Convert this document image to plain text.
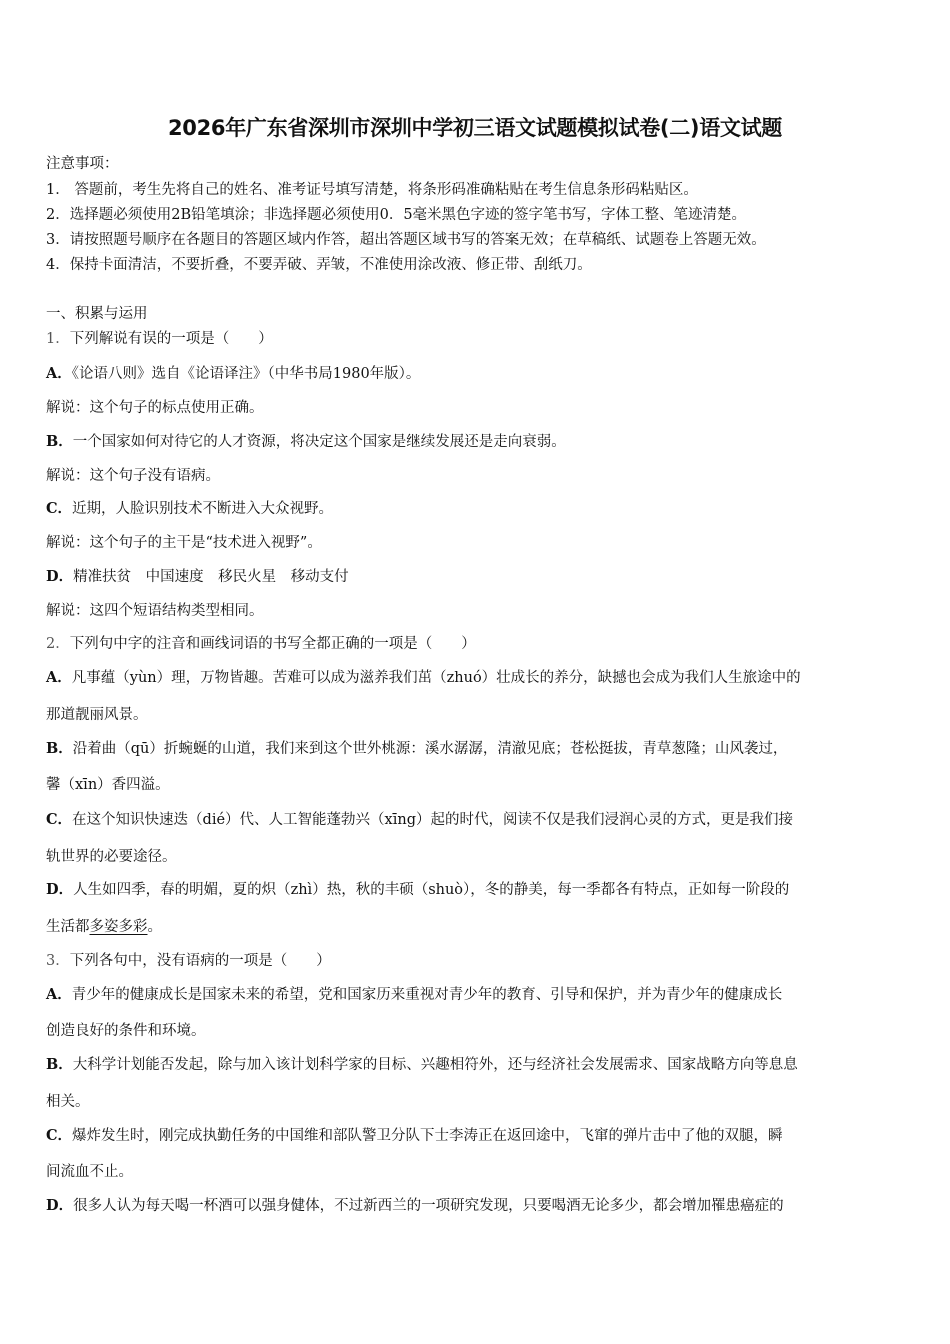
2026年广东省深圳市深圳中学初三语文试题模拟试卷(二)语文试题
注意事项：
1． 答题前，考生先将自己的姓名、准考证号填写清楚，将条形码准确粘贴在考生信息条形码粘贴区。
2．选择题必须使用2B铅笔填涂；非选择题必须使用0．5毫米黑色字迹的签字笔书写，字体工整、笔迹清楚。
3．请按照题号顺序在各题目的答题区域内作答，超出答题区域书写的答案无效；在草稿纸、试题卷上答题无效。
4．保持卡面清洁，不要折叠，不要弄破、弄皱，不准使用涂改液、修正带、刮纸刀。
一、积累与运用
1．下列解说有误的一项是（　　）
A．《论语八则》选自《论语译注》（中华书局1980年版）。
解说：这个句子的标点使用正确。
B．一个国家如何对待它的人才资源，将决定这个国家是继续发展还是走向衰弱。
解说：这个句子没有语病。
C．近期，人脸识别技术不断进入大众视野。
解说：这个句子的主干是“技术进入视野”。
D．精准扶贫　中国速度　移民火星　移动支付
解说：这四个短语结构类型相同。
2．下列句中字的注音和画线词语的书写全都正确的一项是（　　）
A．凡事蕴（yùn）理，万物皆趣。苦难可以成为滋养我们茁（zhuó）壮成长的养分，缺撼也会成为我们人生旅途中的
那道靓丽风景。
B．沿着曲（qū）折蜿蜒的山道，我们来到这个世外桃源：溪水潺潺，清澈见底；苍松挺拔，青草葱隆；山风袭过，
馨（xīn）香四溢。
C．在这个知识快速迭（dié）代、人工智能蓬勃兴（xīng）起的时代，阅读不仅是我们浸润心灵的方式，更是我们接
轨世界的必要途径。
D．人生如四季，春的明媚，夏的炽（zhì）热，秋的丰硕（shuò），冬的静美，每一季都各有特点，正如每一阶段的
生活都多姿多彩。
3．下列各句中，没有语病的一项是（　　）
A．青少年的健康成长是国家未来的希望，党和国家历来重视对青少年的教育、引导和保护，并为青少年的健康成长
创造良好的条件和环境。
B．大科学计划能否发起，除与加入该计划科学家的目标、兴趣相符外，还与经济社会发展需求、国家战略方向等息息
相关。
C．爆炸发生时，刚完成执勤任务的中国维和部队警卫分队下士李涛正在返回途中，飞窜的弹片击中了他的双腿，瞬
间流血不止。
D．很多人认为每天喝一杯酒可以强身健体，不过新西兰的一项研究发现，只要喝酒无论多少，都会增加罹患癌症的
